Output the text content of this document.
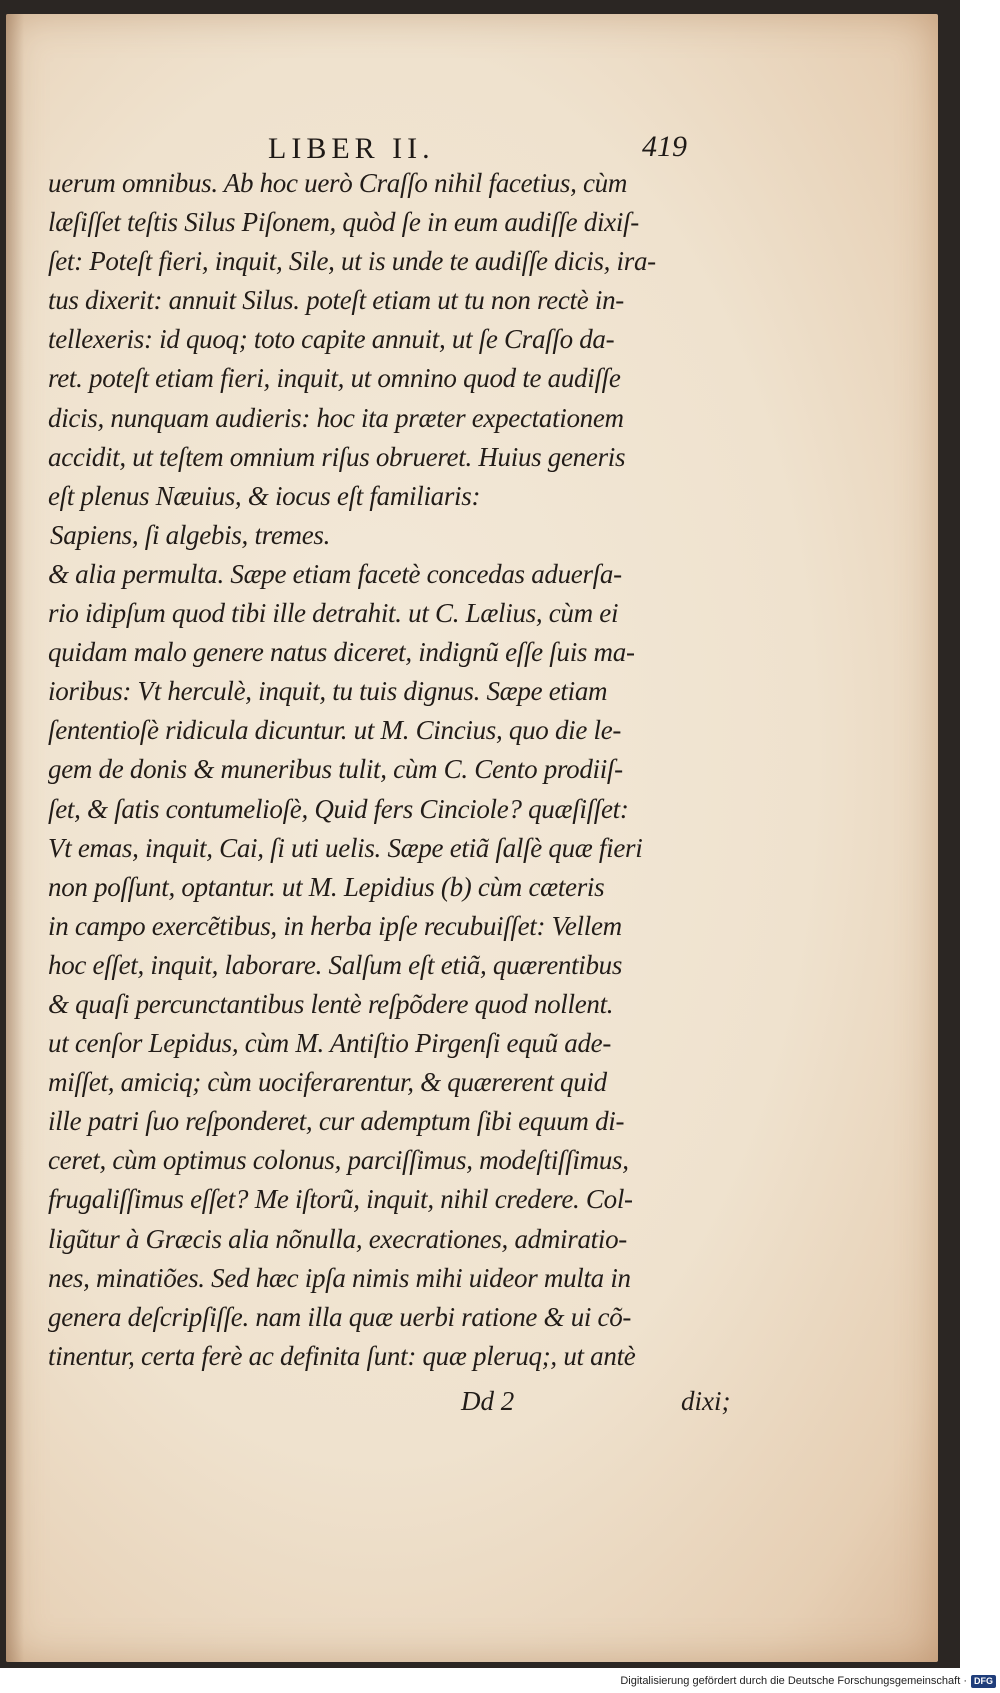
LIBER II.	419
uerum omnibus. Ab hoc uerò Craſſo nihil facetius, cùm
læſiſſet teſtis Silus Piſonem, quòd ſe in eum audiſſe dixiſ-
ſet: Poteſt fieri, inquit, Sile, ut is unde te audiſſe dicis, ira-
tus dixerit: annuit Silus. poteſt etiam ut tu non rectè in-
tellexeris: id quoq; toto capite annuit, ut ſe Craſſo da-
ret. poteſt etiam fieri, inquit, ut omnino quod te audiſſe
dicis, nunquam audieris: hoc ita præter expectationem
accidit, ut teſtem omnium riſus obrueret. Huius generis
eſt plenus Næuius, & iocus eſt familiaris:
Sapiens, ſi algebis, tremes.
& alia permulta. Sæpe etiam facetè concedas aduerſa-
rio idipſum quod tibi ille detrahit. ut C. Lælius, cùm ei
quidam malo genere natus diceret, indignũ eſſe ſuis ma-
ioribus: Vt herculè, inquit, tu tuis dignus. Sæpe etiam
ſententioſè ridicula dicuntur. ut M. Cincius, quo die le-
gem de donis & muneribus tulit, cùm C. Cento prodiiſ-
ſet, & ſatis contumelioſè, Quid fers Cinciole? quæſiſſet:
Vt emas, inquit, Cai, ſi uti uelis. Sæpe etiã ſalſè quæ fieri
non poſſunt, optantur. ut M. Lepidius (b) cùm cæteris
in campo exercẽtibus, in herba ipſe recubuiſſet: Vellem
hoc eſſet, inquit, laborare. Salſum eſt etiã, quærentibus
& quaſi percunctantibus lentè reſpõdere quod nollent.
ut cenſor Lepidus, cùm M. Antiſtio Pirgenſi equũ ade-
miſſet, amiciq; cùm uociferarentur, & quærerent quid
ille patri ſuo reſponderet, cur ademptum ſibi equum di-
ceret, cùm optimus colonus, parciſſimus, modeſtiſſimus,
frugaliſſimus eſſet? Me iſtorũ, inquit, nihil credere. Col-
ligũtur à Græcis alia nõnulla, execrationes, admiratio-
nes, minatiões. Sed hæc ipſa nimis mihi uideor multa in
genera deſcripſiſſe. nam illa quæ uerbi ratione & ui cõ-
tinentur, certa ferè ac definita ſunt: quæ pleruq;, ut antè
Dd 2	dixi;
Digitalisierung gefördert durch die Deutsche Forschungsgemeinschaft · DFG
